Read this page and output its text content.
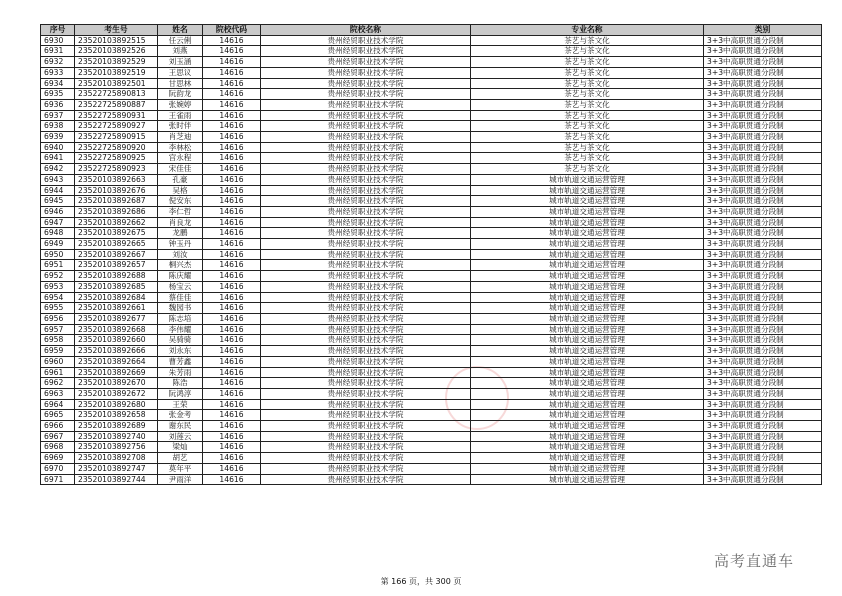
序号	考生号	姓名	院校代码	院校名称	专业名称	类别
6930	23520103892515	任云俐	14616	贵州经贸职业技术学院	茶艺与茶文化	3+3中高职贯通分段制
6931	23520103892526	刘燕	14616	贵州经贸职业技术学院	茶艺与茶文化	3+3中高职贯通分段制
6932	23520103892529	刘玉涵	14616	贵州经贸职业技术学院	茶艺与茶文化	3+3中高职贯通分段制
6933	23520103892519	王思议	14616	贵州经贸职业技术学院	茶艺与茶文化	3+3中高职贯通分段制
6934	23520103892501	甘思林	14616	贵州经贸职业技术学院	茶艺与茶文化	3+3中高职贯通分段制
6935	23522725890813	阮韵龙	14616	贵州经贸职业技术学院	茶艺与茶文化	3+3中高职贯通分段制
6936	23522725890887	张婉婷	14616	贵州经贸职业技术学院	茶艺与茶文化	3+3中高职贯通分段制
6937	23522725890931	王雀雨	14616	贵州经贸职业技术学院	茶艺与茶文化	3+3中高职贯通分段制
6938	23522725890927	张时伴	14616	贵州经贸职业技术学院	茶艺与茶文化	3+3中高职贯通分段制
6939	23522725890915	肖芝迪	14616	贵州经贸职业技术学院	茶艺与茶文化	3+3中高职贯通分段制
6940	23522725890920	李林松	14616	贵州经贸职业技术学院	茶艺与茶文化	3+3中高职贯通分段制
6941	23522725890925	宫永程	14616	贵州经贸职业技术学院	茶艺与茶文化	3+3中高职贯通分段制
6942	23522725890923	宋佳佳	14616	贵州经贸职业技术学院	茶艺与茶文化	3+3中高职贯通分段制
6943	23520103892663	孔豪	14616	贵州经贸职业技术学院	城市轨道交通运营管理	3+3中高职贯通分段制
6944	23520103892676	吴格	14616	贵州经贸职业技术学院	城市轨道交通运营管理	3+3中高职贯通分段制
6945	23520103892687	倪安东	14616	贵州经贸职业技术学院	城市轨道交通运营管理	3+3中高职贯通分段制
6946	23520103892686	李仁哲	14616	贵州经贸职业技术学院	城市轨道交通运营管理	3+3中高职贯通分段制
6947	23520103892662	肖良龙	14616	贵州经贸职业技术学院	城市轨道交通运营管理	3+3中高职贯通分段制
6948	23520103892675	龙鹏	14616	贵州经贸职业技术学院	城市轨道交通运营管理	3+3中高职贯通分段制
6949	23520103892665	钟玉丹	14616	贵州经贸职业技术学院	城市轨道交通运营管理	3+3中高职贯通分段制
6950	23520103892667	刘汝	14616	贵州经贸职业技术学院	城市轨道交通运营管理	3+3中高职贯通分段制
6951	23520103892657	桐兴杰	14616	贵州经贸职业技术学院	城市轨道交通运营管理	3+3中高职贯通分段制
6952	23520103892688	陈庆耀	14616	贵州经贸职业技术学院	城市轨道交通运营管理	3+3中高职贯通分段制
6953	23520103892685	杨宝云	14616	贵州经贸职业技术学院	城市轨道交通运营管理	3+3中高职贯通分段制
6954	23520103892684	蔡佳佳	14616	贵州经贸职业技术学院	城市轨道交通运营管理	3+3中高职贯通分段制
6955	23520103892661	魏园书	14616	贵州经贸职业技术学院	城市轨道交通运营管理	3+3中高职贯通分段制
6956	23520103892677	陈志培	14616	贵州经贸职业技术学院	城市轨道交通运营管理	3+3中高职贯通分段制
6957	23520103892668	李伟耀	14616	贵州经贸职业技术学院	城市轨道交通运营管理	3+3中高职贯通分段制
6958	23520103892660	吴骑骑	14616	贵州经贸职业技术学院	城市轨道交通运营管理	3+3中高职贯通分段制
6959	23520103892666	刘永东	14616	贵州经贸职业技术学院	城市轨道交通运营管理	3+3中高职贯通分段制
6960	23520103892664	曹芳鑫	14616	贵州经贸职业技术学院	城市轨道交通运营管理	3+3中高职贯通分段制
6961	23520103892669	朱芳雨	14616	贵州经贸职业技术学院	城市轨道交通运营管理	3+3中高职贯通分段制
6962	23520103892670	陈浩	14616	贵州经贸职业技术学院	城市轨道交通运营管理	3+3中高职贯通分段制
6963	23520103892672	阮鸿淳	14616	贵州经贸职业技术学院	城市轨道交通运营管理	3+3中高职贯通分段制
6964	23520103892680	王荣	14616	贵州经贸职业技术学院	城市轨道交通运营管理	3+3中高职贯通分段制
6965	23520103892658	张金考	14616	贵州经贸职业技术学院	城市轨道交通运营管理	3+3中高职贯通分段制
6966	23520103892689	谢东民	14616	贵州经贸职业技术学院	城市轨道交通运营管理	3+3中高职贯通分段制
6967	23520103892740	刘莲云	14616	贵州经贸职业技术学院	城市轨道交通运营管理	3+3中高职贯通分段制
6968	23520103892756	梁灿	14616	贵州经贸职业技术学院	城市轨道交通运营管理	3+3中高职贯通分段制
6969	23520103892708	胡艺	14616	贵州经贸职业技术学院	城市轨道交通运营管理	3+3中高职贯通分段制
6970	23520103892747	莫年平	14616	贵州经贸职业技术学院	城市轨道交通运营管理	3+3中高职贯通分段制
6971	23520103892744	尹雨洋	14616	贵州经贸职业技术学院	城市轨道交通运营管理	3+3中高职贯通分段制
第 166 页，共 300 页
高考直通车
